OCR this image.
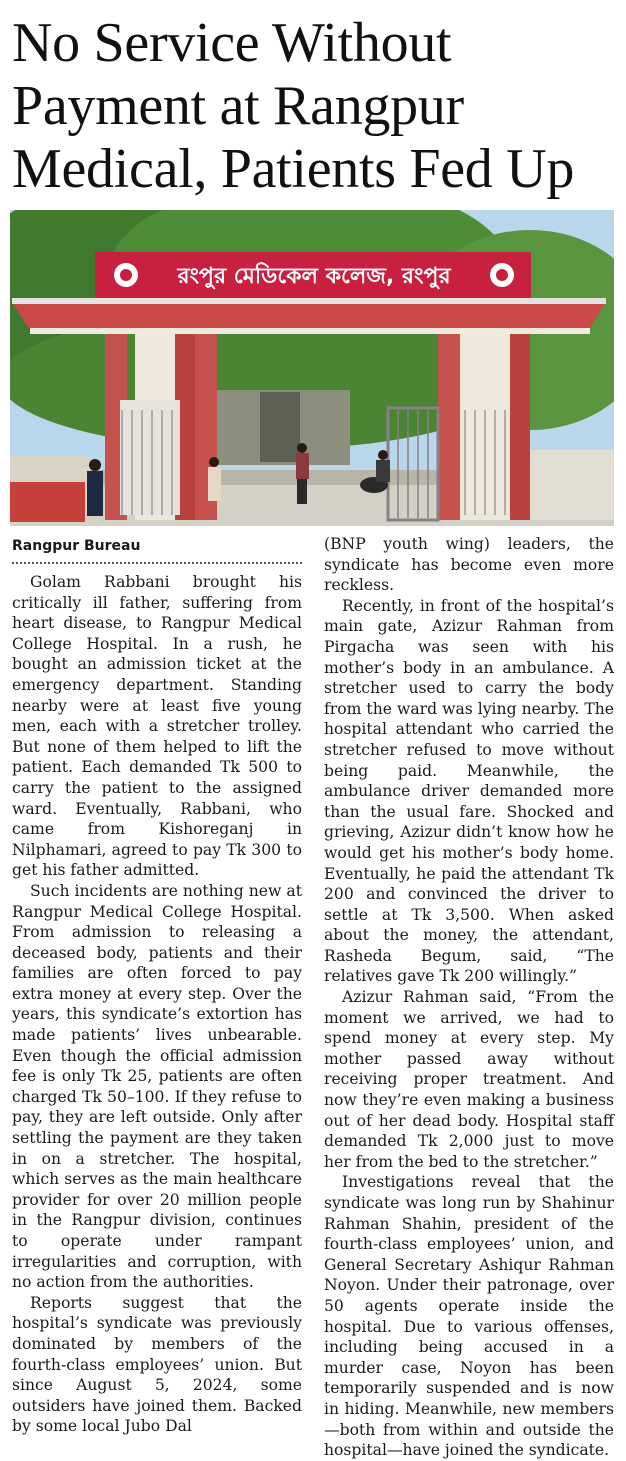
No Service Without Payment at Rangpur Medical, Patients Fed Up
রংপুর মেডিকেল কলেজ, রংপুর
Rangpur Bureau

Golam Rabbani brought his critically ill father, suffering from heart disease, to Rangpur Medical College Hospital. In a rush, he bought an admission ticket at the emergency department. Standing nearby were at least five young men, each with a stretcher trolley. But none of them helped to lift the patient. Each demanded Tk 500 to carry the patient to the assigned ward. Eventually, Rabbani, who came from Kishoreganj in Nilphamari, agreed to pay Tk 300 to get his father admitted.

Such incidents are nothing new at Rangpur Medical College Hospital. From admission to releasing a deceased body, patients and their families are often forced to pay extra money at every step. Over the years, this syndicate’s extortion has made patients’ lives unbearable. Even though the official admission fee is only Tk 25, patients are often charged Tk 50–100. If they refuse to pay, they are left outside. Only after settling the payment are they taken in on a stretcher. The hospital, which serves as the main healthcare provider for over 20 million people in the Rangpur division, continues to operate under rampant irregularities and corruption, with no action from the authorities.

Reports suggest that the hospital’s syndicate was previously dominated by members of the fourth-class employees’ union. But since August 5, 2024, some outsiders have joined them. Backed by some local Jubo Dal

(BNP youth wing) leaders, the syndicate has become even more reckless.

Recently, in front of the hospital’s main gate, Azizur Rahman from Pirgacha was seen with his mother’s body in an ambulance. A stretcher used to carry the body from the ward was lying nearby. The hospital attendant who carried the stretcher refused to move without being paid. Meanwhile, the ambulance driver demanded more than the usual fare. Shocked and grieving, Azizur didn’t know how he would get his mother’s body home. Eventually, he paid the attendant Tk 200 and convinced the driver to settle at Tk 3,500. When asked about the money, the attendant, Rasheda Begum, said, “The relatives gave Tk 200 willingly.”

Azizur Rahman said, “From the moment we arrived, we had to spend money at every step. My mother passed away without receiving proper treatment. And now they’re even making a business out of her dead body. Hospital staff demanded Tk 2,000 just to move her from the bed to the stretcher.”

Investigations reveal that the syndicate was long run by Shahinur Rahman Shahin, president of the fourth-class employees’ union, and General Secretary Ashiqur Rahman Noyon. Under their patronage, over 50 agents operate inside the hospital. Due to various offenses, including being accused in a murder case, Noyon has been temporarily suspended and is now in hiding. Meanwhile, new members—both from within and outside the hospital—have joined the syndicate.
